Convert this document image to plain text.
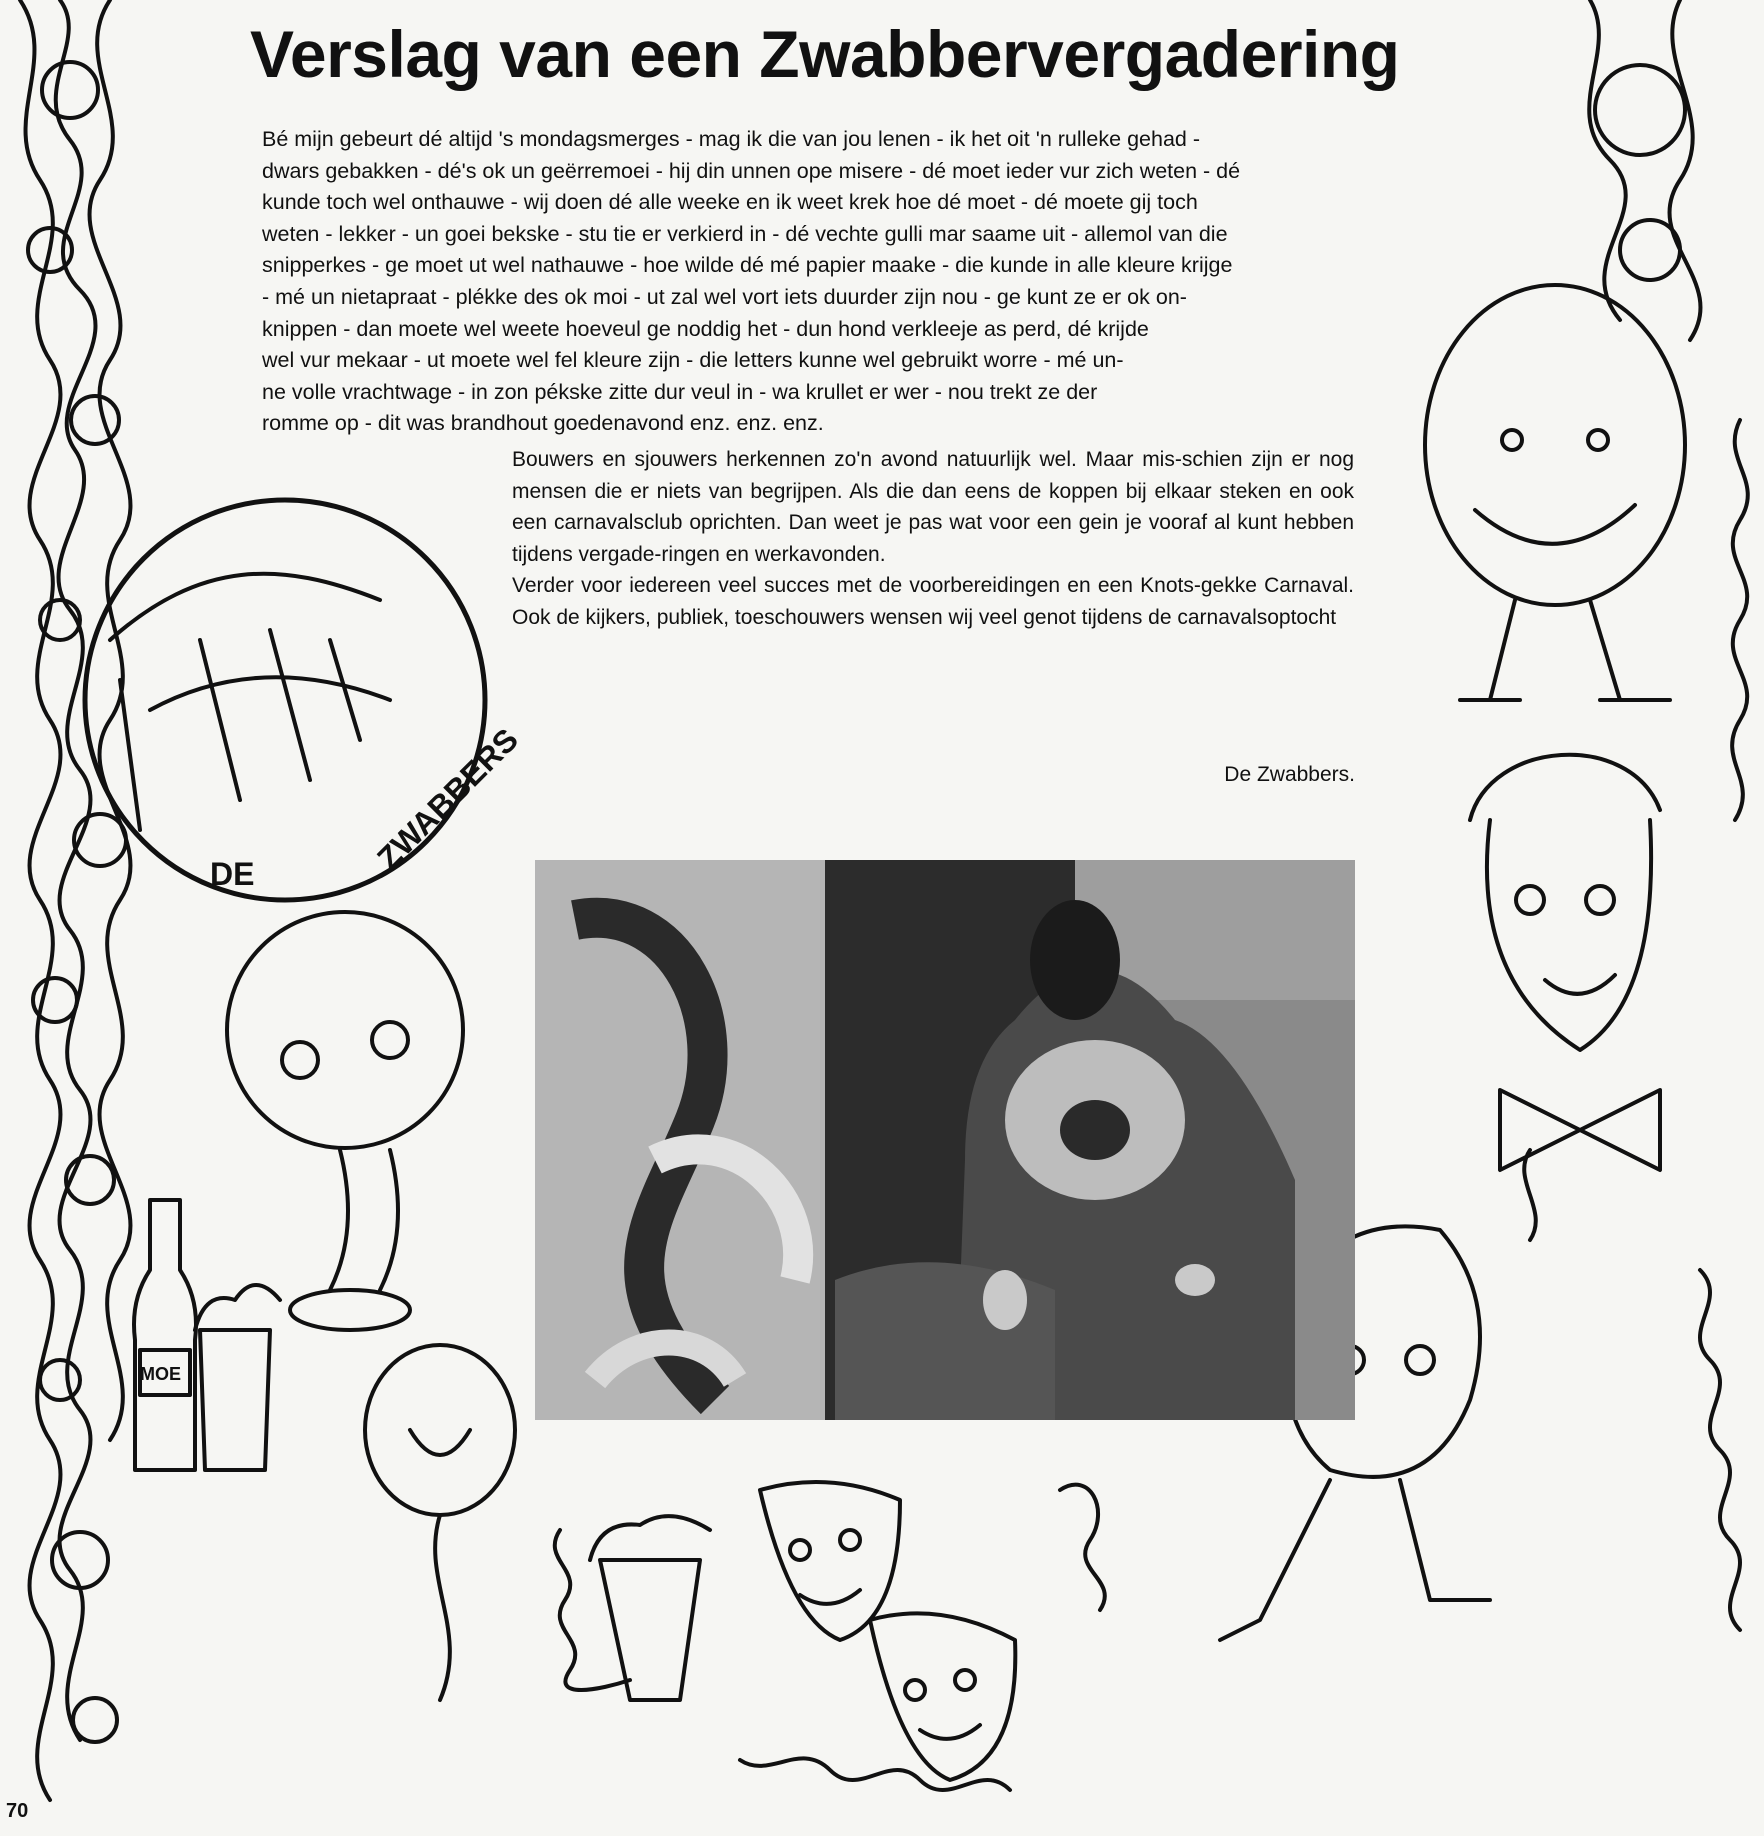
DE	ZWABBERS
MOE
Verslag van een Zwabbervergadering

Bé mijn gebeurt dé altijd 's mondagsmerges - mag ik die van jou lenen - ik het oit 'n rulleke gehad -
dwars gebakken - dé's ok un geërremoei - hij din unnen ope misere - dé moet ieder vur zich weten - dé
kunde toch wel onthauwe - wij doen dé alle weeke en ik weet krek hoe dé moet - dé moete gij toch
weten - lekker - un goei bekske - stu tie er verkierd in - dé vechte gulli mar saame uit - allemol van die
snipperkes - ge moet ut wel nathauwe - hoe wilde dé mé papier maake - die kunde in alle kleure krijge
- mé un nietapraat - plékke des ok moi - ut zal wel vort iets duurder zijn nou - ge kunt ze er ok on-
knippen - dan moete wel weete hoeveul ge noddig het - dun hond verkleeje as perd, dé krijde
wel vur mekaar - ut moete wel fel kleure zijn - die letters kunne wel gebruikt worre - mé un-
ne volle vrachtwage - in zon pékske zitte dur veul in - wa krullet er wer - nou trekt ze der
romme op - dit was brandhout goedenavond enz. enz. enz.

Bouwers en sjouwers herkennen zo'n avond natuurlijk wel. Maar mis-schien zijn er nog mensen die er niets van begrijpen. Als die dan eens de koppen bij elkaar steken en ook een carnavalsclub oprichten. Dan weet je pas wat voor een gein je vooraf al kunt hebben tijdens vergade-ringen en werkavonden.

Verder voor iedereen veel succes met de voorbereidingen en een Knots-gekke Carnaval. Ook de kijkers, publiek, toeschouwers wensen wij veel genot tijdens de carnavalsoptocht

De Zwabbers.
70
